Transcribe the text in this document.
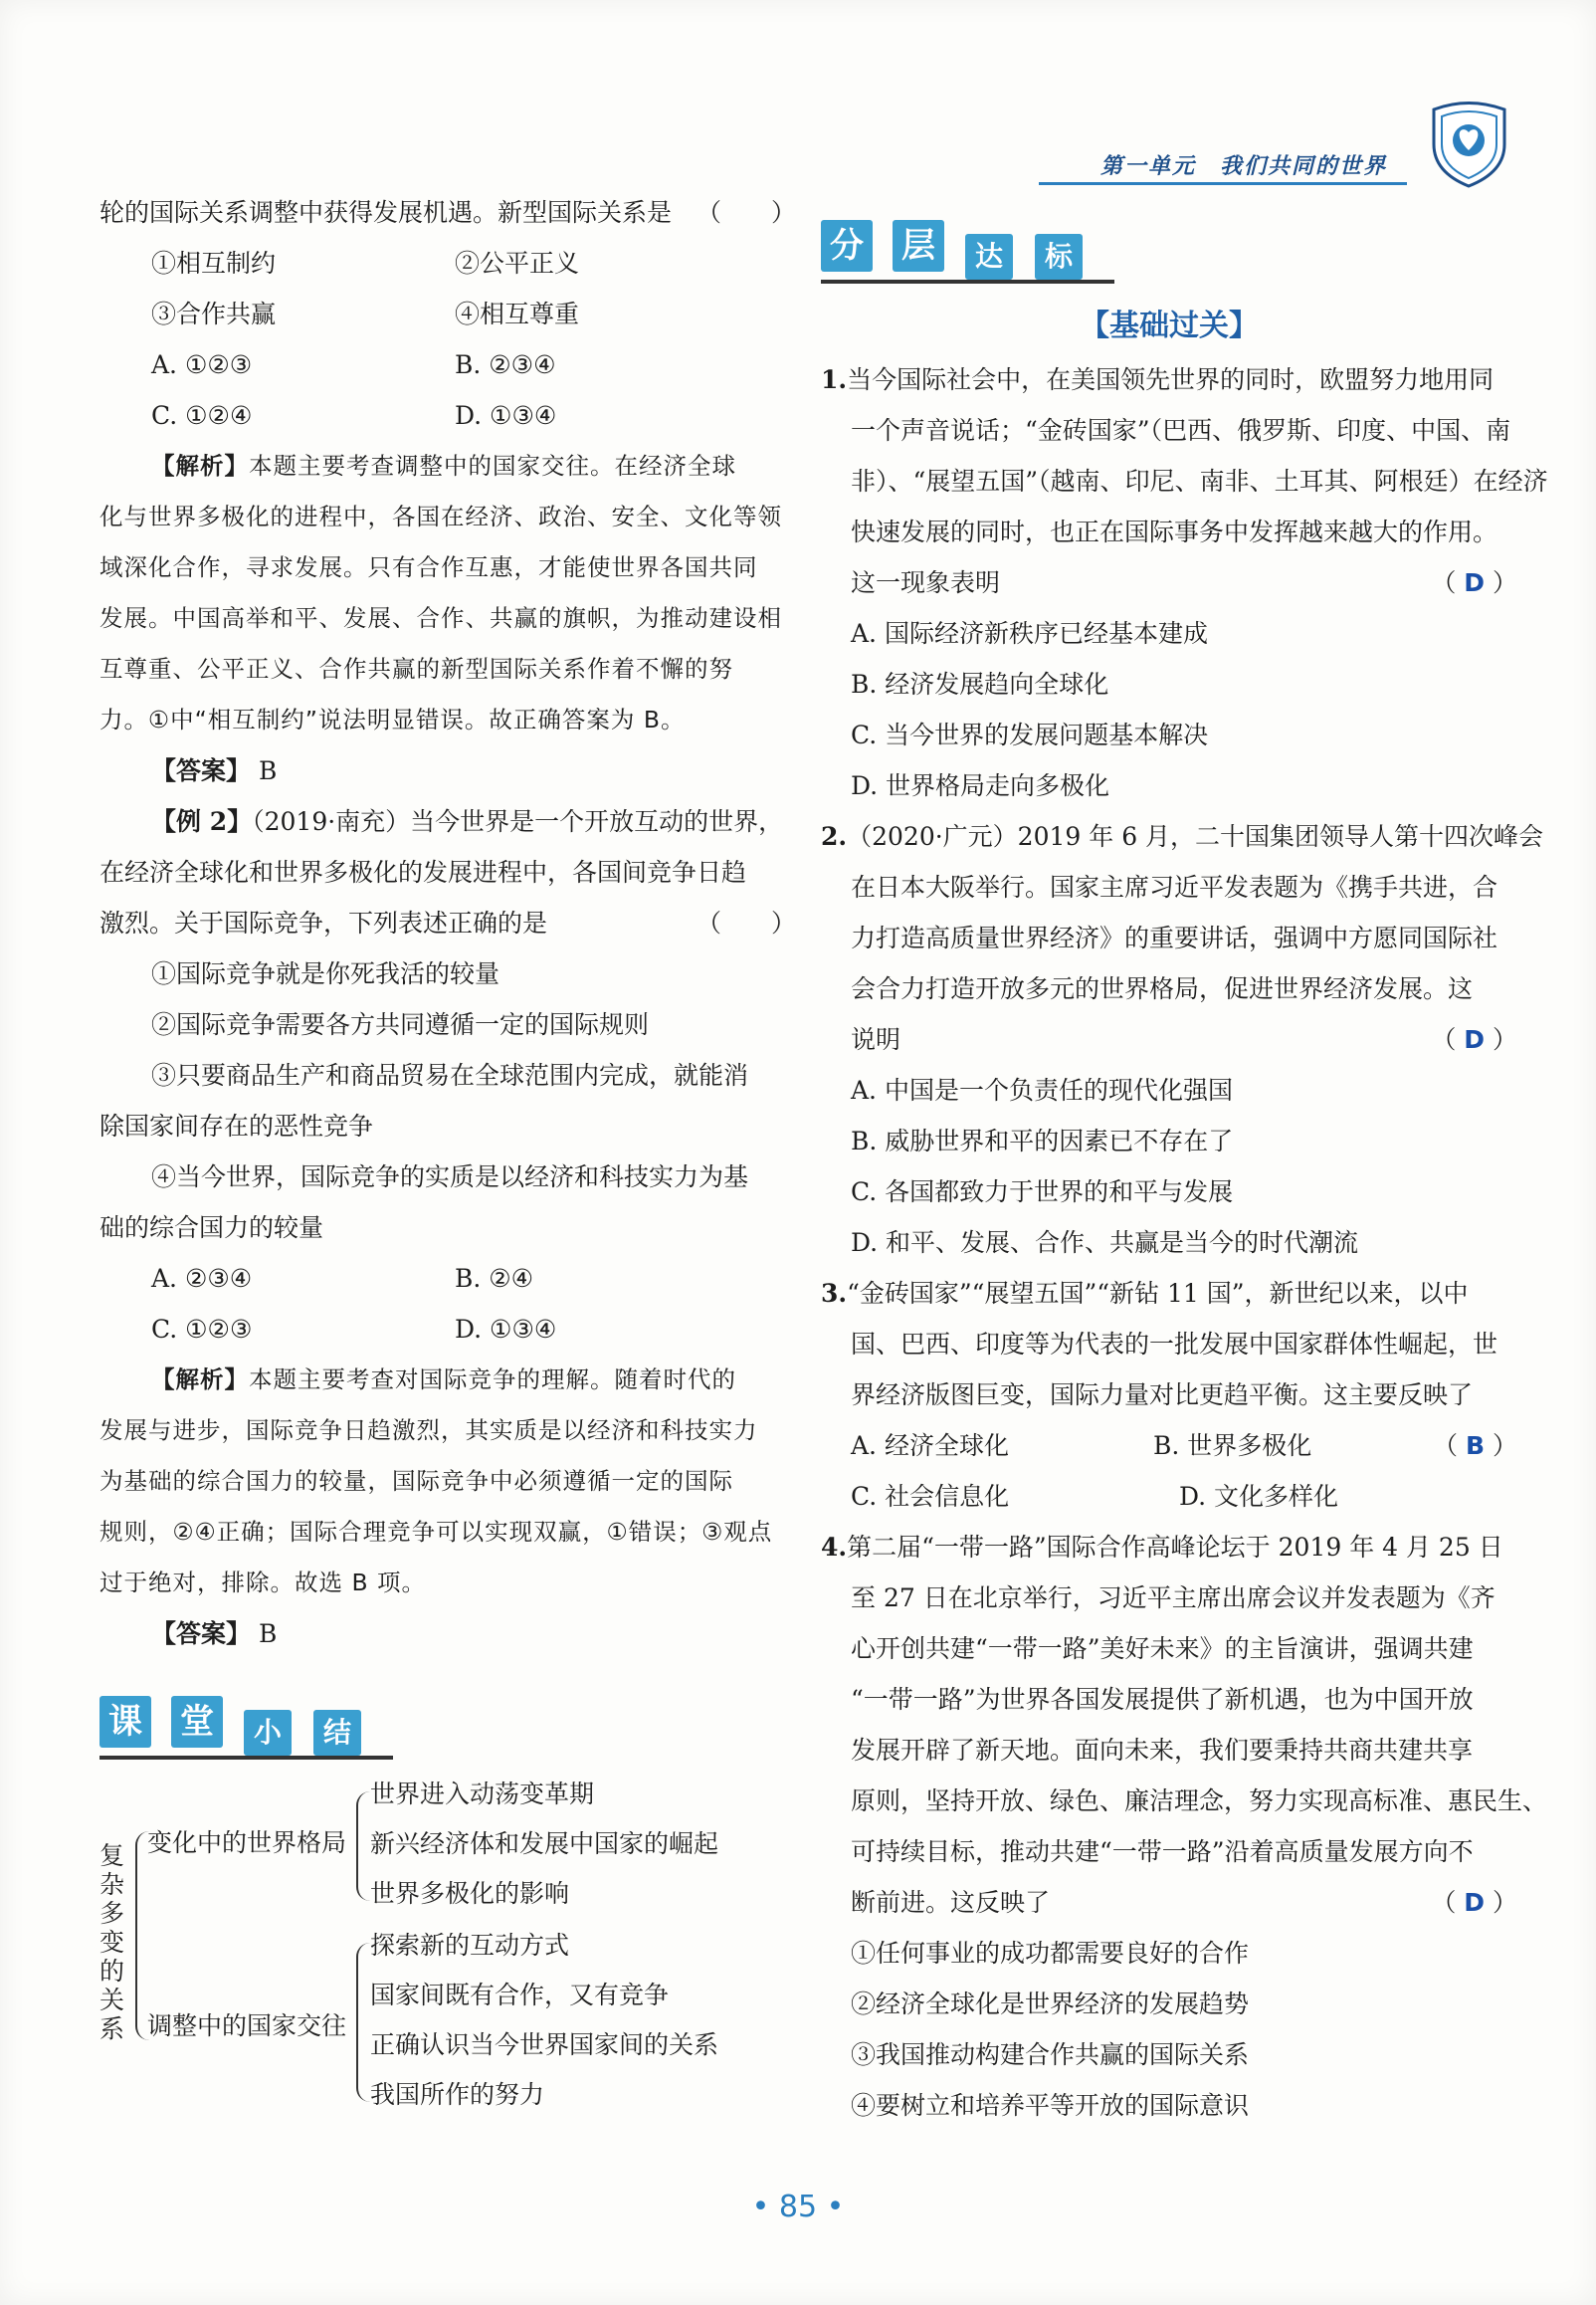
第一单元　我们共同的世界
轮的国际关系调整中获得发展机遇。新型国际关系是 （　　）
①相互制约	②公平正义
③合作共赢	④相互尊重
A. ①②③	B. ②③④
C. ①②④	D. ①③④
【解析】本题主要考查调整中的国家交往。在经济全球
化与世界多极化的进程中，各国在经济、政治、安全、文化等领
域深化合作，寻求发展。只有合作互惠，才能使世界各国共同
发展。中国高举和平、发展、合作、共赢的旗帜，为推动建设相
互尊重、公平正义、合作共赢的新型国际关系作着不懈的努
力。①中“相互制约”说法明显错误。故正确答案为 B。
【答案】 B
【例 2】（2019·南充）当今世界是一个开放互动的世界，
在经济全球化和世界多极化的发展进程中，各国间竞争日趋
激烈。关于国际竞争，下列表述正确的是	（　　）
①国际竞争就是你死我活的较量
②国际竞争需要各方共同遵循一定的国际规则
③只要商品生产和商品贸易在全球范围内完成，就能消
除国家间存在的恶性竞争
④当今世界，国际竞争的实质是以经济和科技实力为基
础的综合国力的较量
A. ②③④	B. ②④
C. ①②③	D. ①③④
【解析】本题主要考查对国际竞争的理解。随着时代的
发展与进步，国际竞争日趋激烈，其实质是以经济和科技实力
为基础的综合国力的较量，国际竞争中必须遵循一定的国际
规则，②④正确；国际合理竞争可以实现双赢，①错误；③观点
过于绝对，排除。故选 B 项。
【答案】 B
课 堂	小	结
复杂多变的关系
变化中的世界格局
世界进入动荡变革期
新兴经济体和发展中国家的崛起
世界多极化的影响
调整中的国家交往
探索新的互动方式
国家间既有合作，又有竞争
正确认识当今世界国家间的关系
我国所作的努力
分 层	达	标
【基础过关】
1.当今国际社会中，在美国领先世界的同时，欧盟努力地用同
一个声音说话；“金砖国家”（巴西、俄罗斯、印度、中国、南
非）、“展望五国”（越南、印尼、南非、土耳其、阿根廷）在经济
快速发展的同时，也正在国际事务中发挥越来越大的作用。
这一现象表明	（ D ）
A. 国际经济新秩序已经基本建成
B. 经济发展趋向全球化
C. 当今世界的发展问题基本解决
D. 世界格局走向多极化
2.（2020·广元）2019 年 6 月，二十国集团领导人第十四次峰会
在日本大阪举行。国家主席习近平发表题为《携手共进，合
力打造高质量世界经济》的重要讲话，强调中方愿同国际社
会合力打造开放多元的世界格局，促进世界经济发展。这
说明	（ D ）
A. 中国是一个负责任的现代化强国
B. 威胁世界和平的因素已不存在了
C. 各国都致力于世界的和平与发展
D. 和平、发展、合作、共赢是当今的时代潮流
3.“金砖国家”“展望五国”“新钻 11 国”，新世纪以来，以中
国、巴西、印度等为代表的一批发展中国家群体性崛起，世
界经济版图巨变，国际力量对比更趋平衡。这主要反映了
（ B ）
A. 经济全球化	B. 世界多极化
C. 社会信息化	D. 文化多样化
4.第二届“一带一路”国际合作高峰论坛于 2019 年 4 月 25 日
至 27 日在北京举行，习近平主席出席会议并发表题为《齐
心开创共建“一带一路”美好未来》的主旨演讲，强调共建
“一带一路”为世界各国发展提供了新机遇，也为中国开放
发展开辟了新天地。面向未来，我们要秉持共商共建共享
原则，坚持开放、绿色、廉洁理念，努力实现高标准、惠民生、
可持续目标，推动共建“一带一路”沿着高质量发展方向不
断前进。这反映了	（ D ）
①任何事业的成功都需要良好的合作
②经济全球化是世界经济的发展趋势
③我国推动构建合作共赢的国际关系
④要树立和培养平等开放的国际意识
• 85 •
